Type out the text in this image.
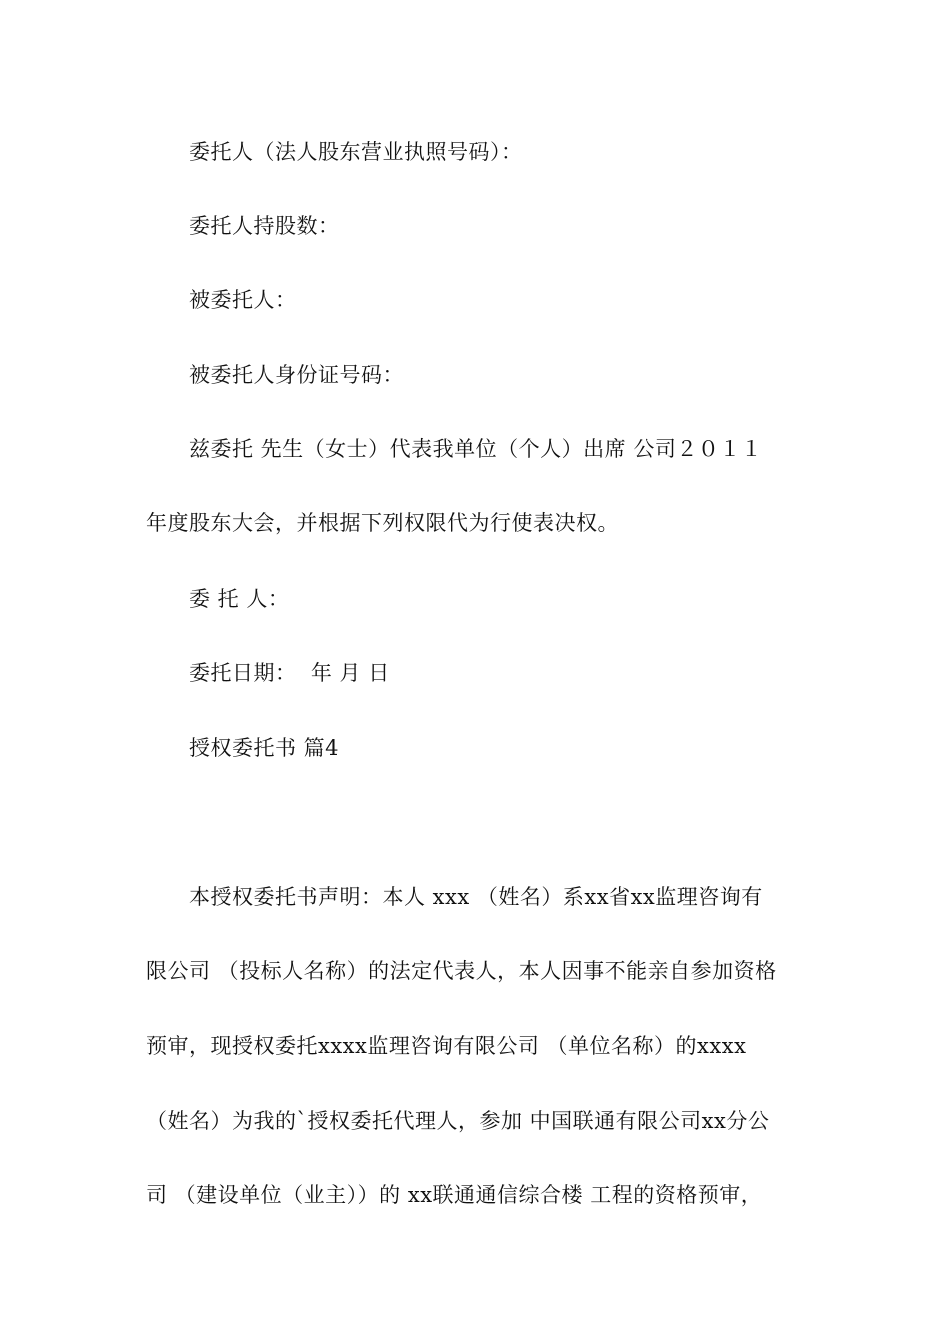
委托人（法人股东营业执照号码）：
委托人持股数：
被委托人：
被委托人身份证号码：
兹委托 先生（女士）代表我单位（个人）出席 公司２０１１
年度股东大会，并根据下列权限代为行使表决权。
委 托 人：
委托日期：  年 月 日
授权委托书 篇4
本授权委托书声明：本人 xxx （姓名）系xx省xx监理咨询有
限公司 （投标人名称）的法定代表人，本人因事不能亲自参加资格
预审，现授权委托xxxx监理咨询有限公司 （单位名称）的xxxx
（姓名）为我的`授权委托代理人，参加 中国联通有限公司xx分公
司 （建设单位（业主））的 xx联通通信综合楼 工程的资格预审，
